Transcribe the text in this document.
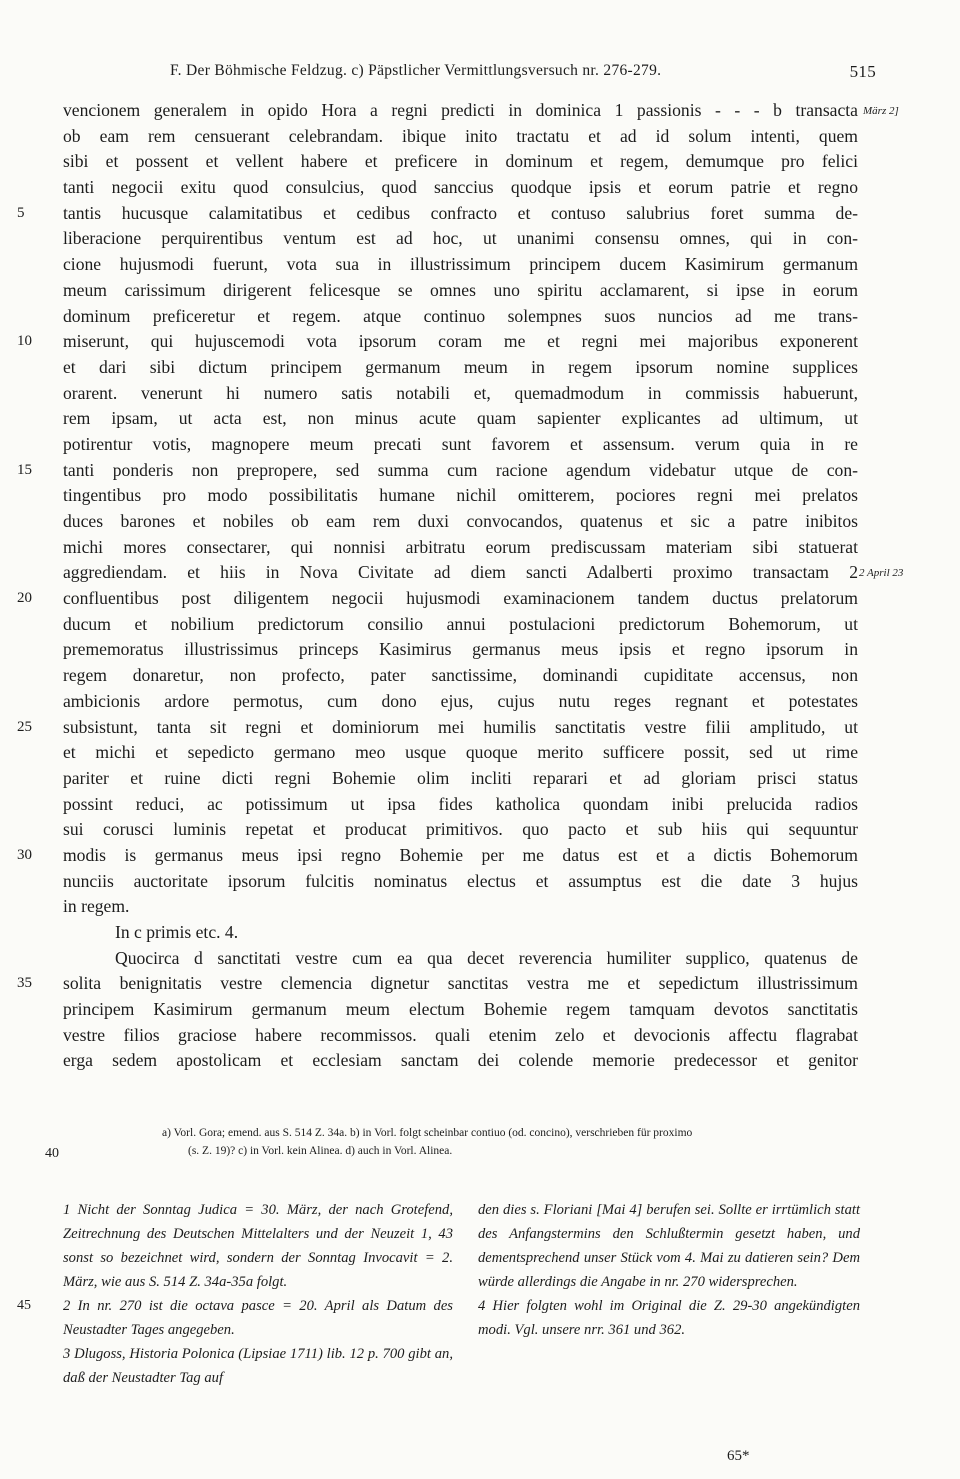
F. Der Böhmische Feldzug. c) Päpstlicher Vermittlungsversuch nr. 276-279.	515
vencionem generalem in opido Hora a regni predicti in dominica 1 passionis - - - b transacta März 2]
ob eam rem censuerant celebrandam. ibique inito tractatu et ad id solum intenti, quem
sibi et possent et vellent habere et preficere in dominum et regem, demumque pro felici
tanti negocii exitu quod consulcius, quod sanccius quodque ipsis et eorum patrie et regno
5	tantis hucusque calamitatibus et cedibus confracto et contuso salubrius foret summa de-
liberacione perquirentibus ventum est ad hoc, ut unanimi consensu omnes, qui in con-
cione hujusmodi fuerunt, vota sua in illustrissimum principem ducem Kasimirum germanum
meum carissimum dirigerent felicesque se omnes uno spiritu acclamarent, si ipse in eorum
dominum preficeretur et regem. atque continuo solempnes suos nuncios ad me trans-
10	miserunt, qui hujuscemodi vota ipsorum coram me et regni mei majoribus exponerent
et dari sibi dictum principem germanum meum in regem ipsorum nomine supplices
orarent. venerunt hi numero satis notabili et, quemadmodum in commissis habuerunt,
rem ipsam, ut acta est, non minus acute quam sapienter explicantes ad ultimum, ut
potirentur votis, magnopere meum precati sunt favorem et assensum. verum quia in re
15	tanti ponderis non preproperе, sed summa cum racione agendum videbatur utque de con-
tingentibus pro modo possibilitatis humane nichil omitterem, pociores regni mei prelatos
duces barones et nobiles ob eam rem duxi convocandos, quatenus et sic a patre inibitos
michi mores consectarer, qui nonnisi arbitratu eorum prediscussam materiam sibi statuerat
aggrediendam. et hiis in Nova Civitate ad diem sancti Adalberti proximo transactam 2 2 April 23
20	confluentibus post diligentem negocii hujusmodi examinacionem tandem ductus prelatorum
ducum et nobilium predictorum consilio annui postulacioni predictorum Bohemorum, ut
prememoratus illustrissimus princeps Kasimirus germanus meus ipsis et regno ipsorum in
regem donaretur, non profecto, pater sanctissime, dominandi cupiditate accensus, non
ambicionis ardore permotus, cum dono ejus, cujus nutu reges regnant et potestates
25	subsistunt, tanta sit regni et dominiorum mei humilis sanctitatis vestre filii amplitudo, ut
et michi et sepedicto germano meo usque quoque merito sufficere possit, sed ut rime
pariter et ruine dicti regni Bohemie olim incliti reparari et ad gloriam prisci status
possint reduci, ac potissimum ut ipsa fides katholica quondam inibi prelucida radios
sui corusci luminis repetat et producat primitivos. quo pacto et sub hiis qui sequuntur
30	modis is germanus meus ipsi regno Bohemie per me datus est et a dictis Bohemorum
nunciis auctoritate ipsorum fulcitis nominatus electus et assumptus est die date 3 hujus
in regem.
In c primis etc. 4.
Quocirca d sanctitati vestre cum ea qua decet reverencia humiliter supplico, quatenus de
35	solita benignitatis vestre clemencia dignetur sanctitas vestra me et sepedictum illustrissimum
principem Kasimirum germanum meum electum Bohemie regem tamquam devotos sanctitatis
vestre filios graciose habere recommissos. quali etenim zelo et devocionis affectu flagrabat
erga sedem apostolicam et ecclesiam sanctam dei colende memorie predecessor et genitor
a) Vorl. Gora; emend. aus S. 514 Z. 34a. b) in Vorl. folgt scheinbar contiuo (od. concino), verschrieben für proximo
(s. Z. 19)? c) in Vorl. kein Alinea. d) auch in Vorl. Alinea.
40

1 Nicht der Sonntag Judica = 30. März, der nach Grotefend, Zeitrechnung des Deutschen Mittelalters und der Neuzeit 1, 43 sonst so bezeichnet wird, sondern der Sonntag Invocavit = 2. März, wie aus S. 514 Z. 34a-35a folgt.

2 In nr. 270 ist die octava pasce = 20. April als Datum des Neustadter Tages angegeben.

3 Dlugoss, Historia Polonica (Lipsiae 1711) lib. 12 p. 700 gibt an, daß der Neustadter Tag auf

45

den dies s. Floriani [Mai 4] berufen sei. Sollte er irrtümlich statt des Anfangstermins den Schlußtermin gesetzt haben, und dementsprechend unser Stück vom 4. Mai zu datieren sein? Dem würde allerdings die Angabe in nr. 270 widersprechen.

4 Hier folgten wohl im Original die Z. 29-30 angekündigten modi. Vgl. unsere nrr. 361 und 362.

65*
